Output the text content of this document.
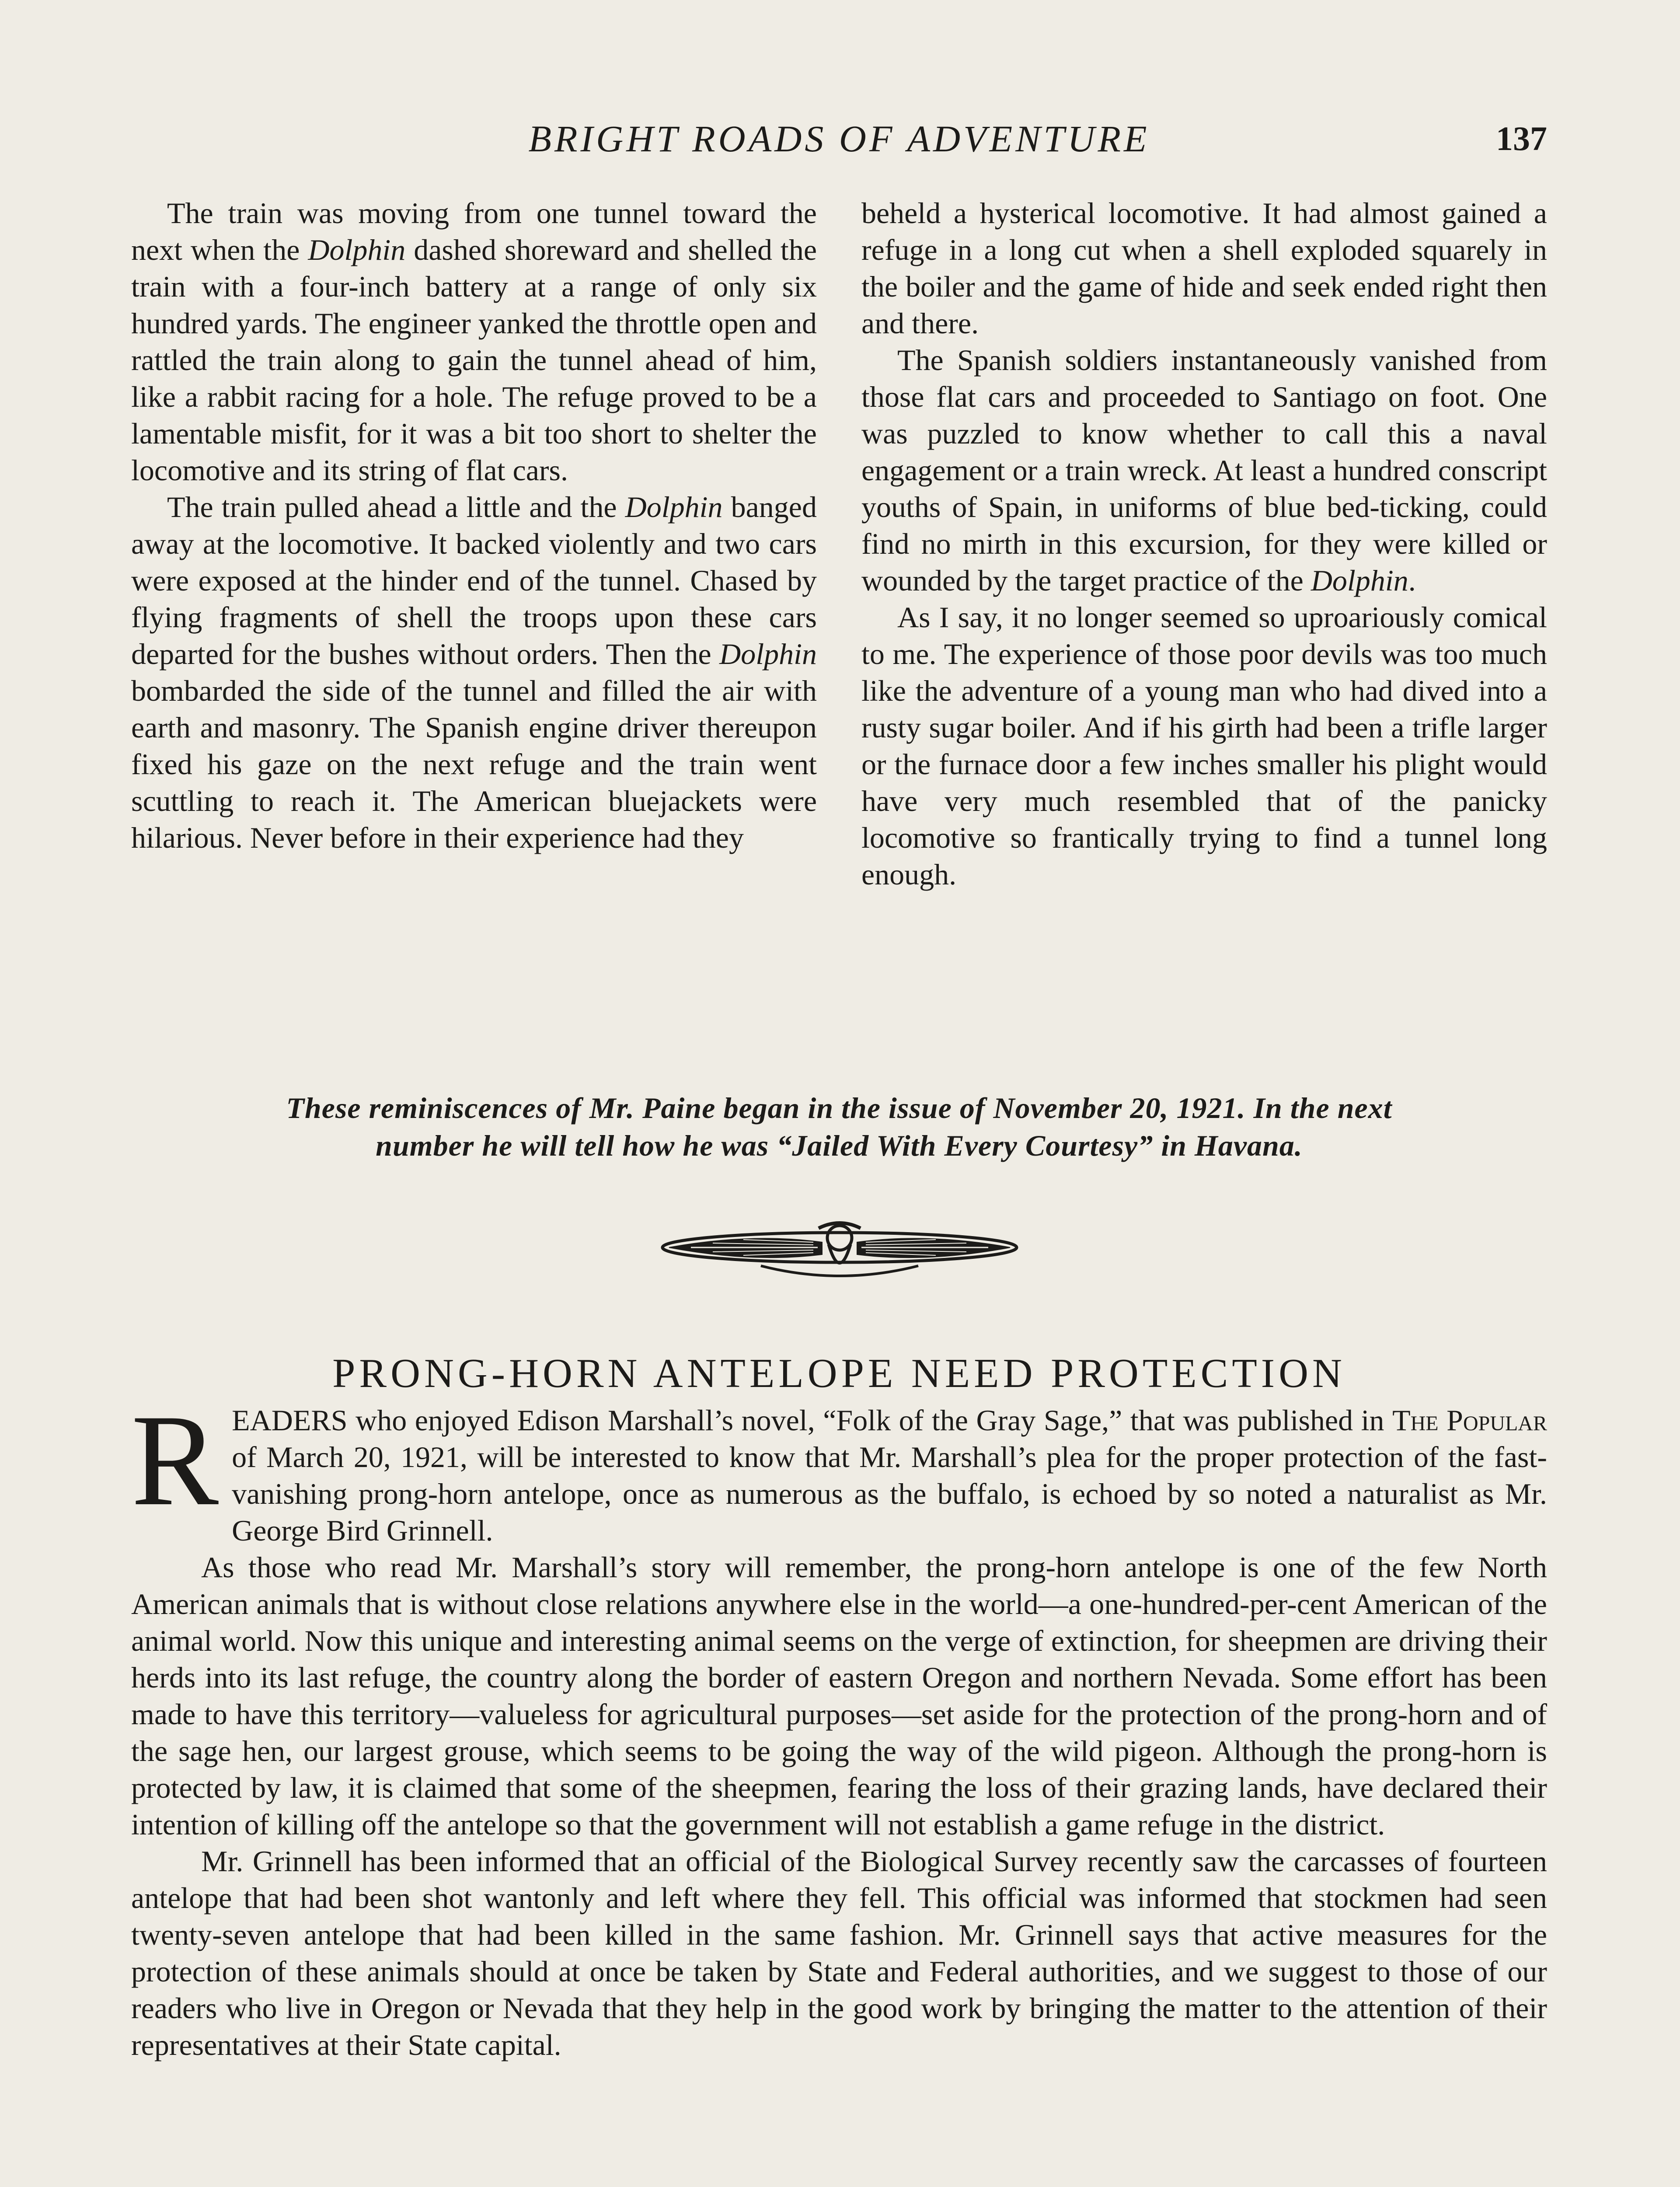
BRIGHT ROADS OF ADVENTURE	137

The train was moving from one tunnel toward the next when the Dolphin dashed shoreward and shelled the train with a four-inch battery at a range of only six hundred yards. The engineer yanked the throttle open and rattled the train along to gain the tunnel ahead of him, like a rabbit racing for a hole. The refuge proved to be a lamentable misfit, for it was a bit too short to shelter the locomotive and its string of flat cars.

The train pulled ahead a little and the Dolphin banged away at the locomotive. It backed violently and two cars were exposed at the hinder end of the tunnel. Chased by flying fragments of shell the troops upon these cars departed for the bushes without orders. Then the Dolphin bombarded the side of the tunnel and filled the air with earth and masonry. The Spanish engine driver thereupon fixed his gaze on the next refuge and the train went scuttling to reach it. The American bluejackets were hilarious. Never before in their experience had they

beheld a hysterical locomotive. It had almost gained a refuge in a long cut when a shell exploded squarely in the boiler and the game of hide and seek ended right then and there.

The Spanish soldiers instantaneously vanished from those flat cars and proceeded to Santiago on foot. One was puzzled to know whether to call this a naval engagement or a train wreck. At least a hundred conscript youths of Spain, in uniforms of blue bed-ticking, could find no mirth in this excursion, for they were killed or wounded by the target practice of the Dolphin.

As I say, it no longer seemed so uproariously comical to me. The experience of those poor devils was too much like the adventure of a young man who had dived into a rusty sugar boiler. And if his girth had been a trifle larger or the furnace door a few inches smaller his plight would have very much resembled that of the panicky locomotive so frantically trying to find a tunnel long enough.

These reminiscences of Mr. Paine began in the issue of November 20, 1921. In the next
number he will tell how he was “Jailed With Every Courtesy” in Havana.
PRONG-HORN ANTELOPE NEED PROTECTION

READERS who enjoyed Edison Marshall’s novel, “Folk of the Gray Sage,” that was published in The Popular of March 20, 1921, will be interested to know that Mr. Marshall’s plea for the proper protection of the fast-vanishing prong-horn antelope, once as numerous as the buffalo, is echoed by so noted a naturalist as Mr. George Bird Grinnell.

As those who read Mr. Marshall’s story will remember, the prong-horn antelope is one of the few North American animals that is without close relations anywhere else in the world—a one-hundred-per-cent American of the animal world. Now this unique and interesting animal seems on the verge of extinction, for sheepmen are driving their herds into its last refuge, the country along the border of eastern Oregon and northern Nevada. Some effort has been made to have this territory—valueless for agricultural purposes—set aside for the protection of the prong-horn and of the sage hen, our largest grouse, which seems to be going the way of the wild pigeon. Although the prong-horn is protected by law, it is claimed that some of the sheepmen, fearing the loss of their grazing lands, have declared their intention of killing off the antelope so that the government will not establish a game refuge in the district.

Mr. Grinnell has been informed that an official of the Biological Survey recently saw the carcasses of fourteen antelope that had been shot wantonly and left where they fell. This official was informed that stockmen had seen twenty-seven antelope that had been killed in the same fashion. Mr. Grinnell says that active measures for the protection of these animals should at once be taken by State and Federal authorities, and we suggest to those of our readers who live in Oregon or Nevada that they help in the good work by bringing the matter to the attention of their representatives at their State capital.
